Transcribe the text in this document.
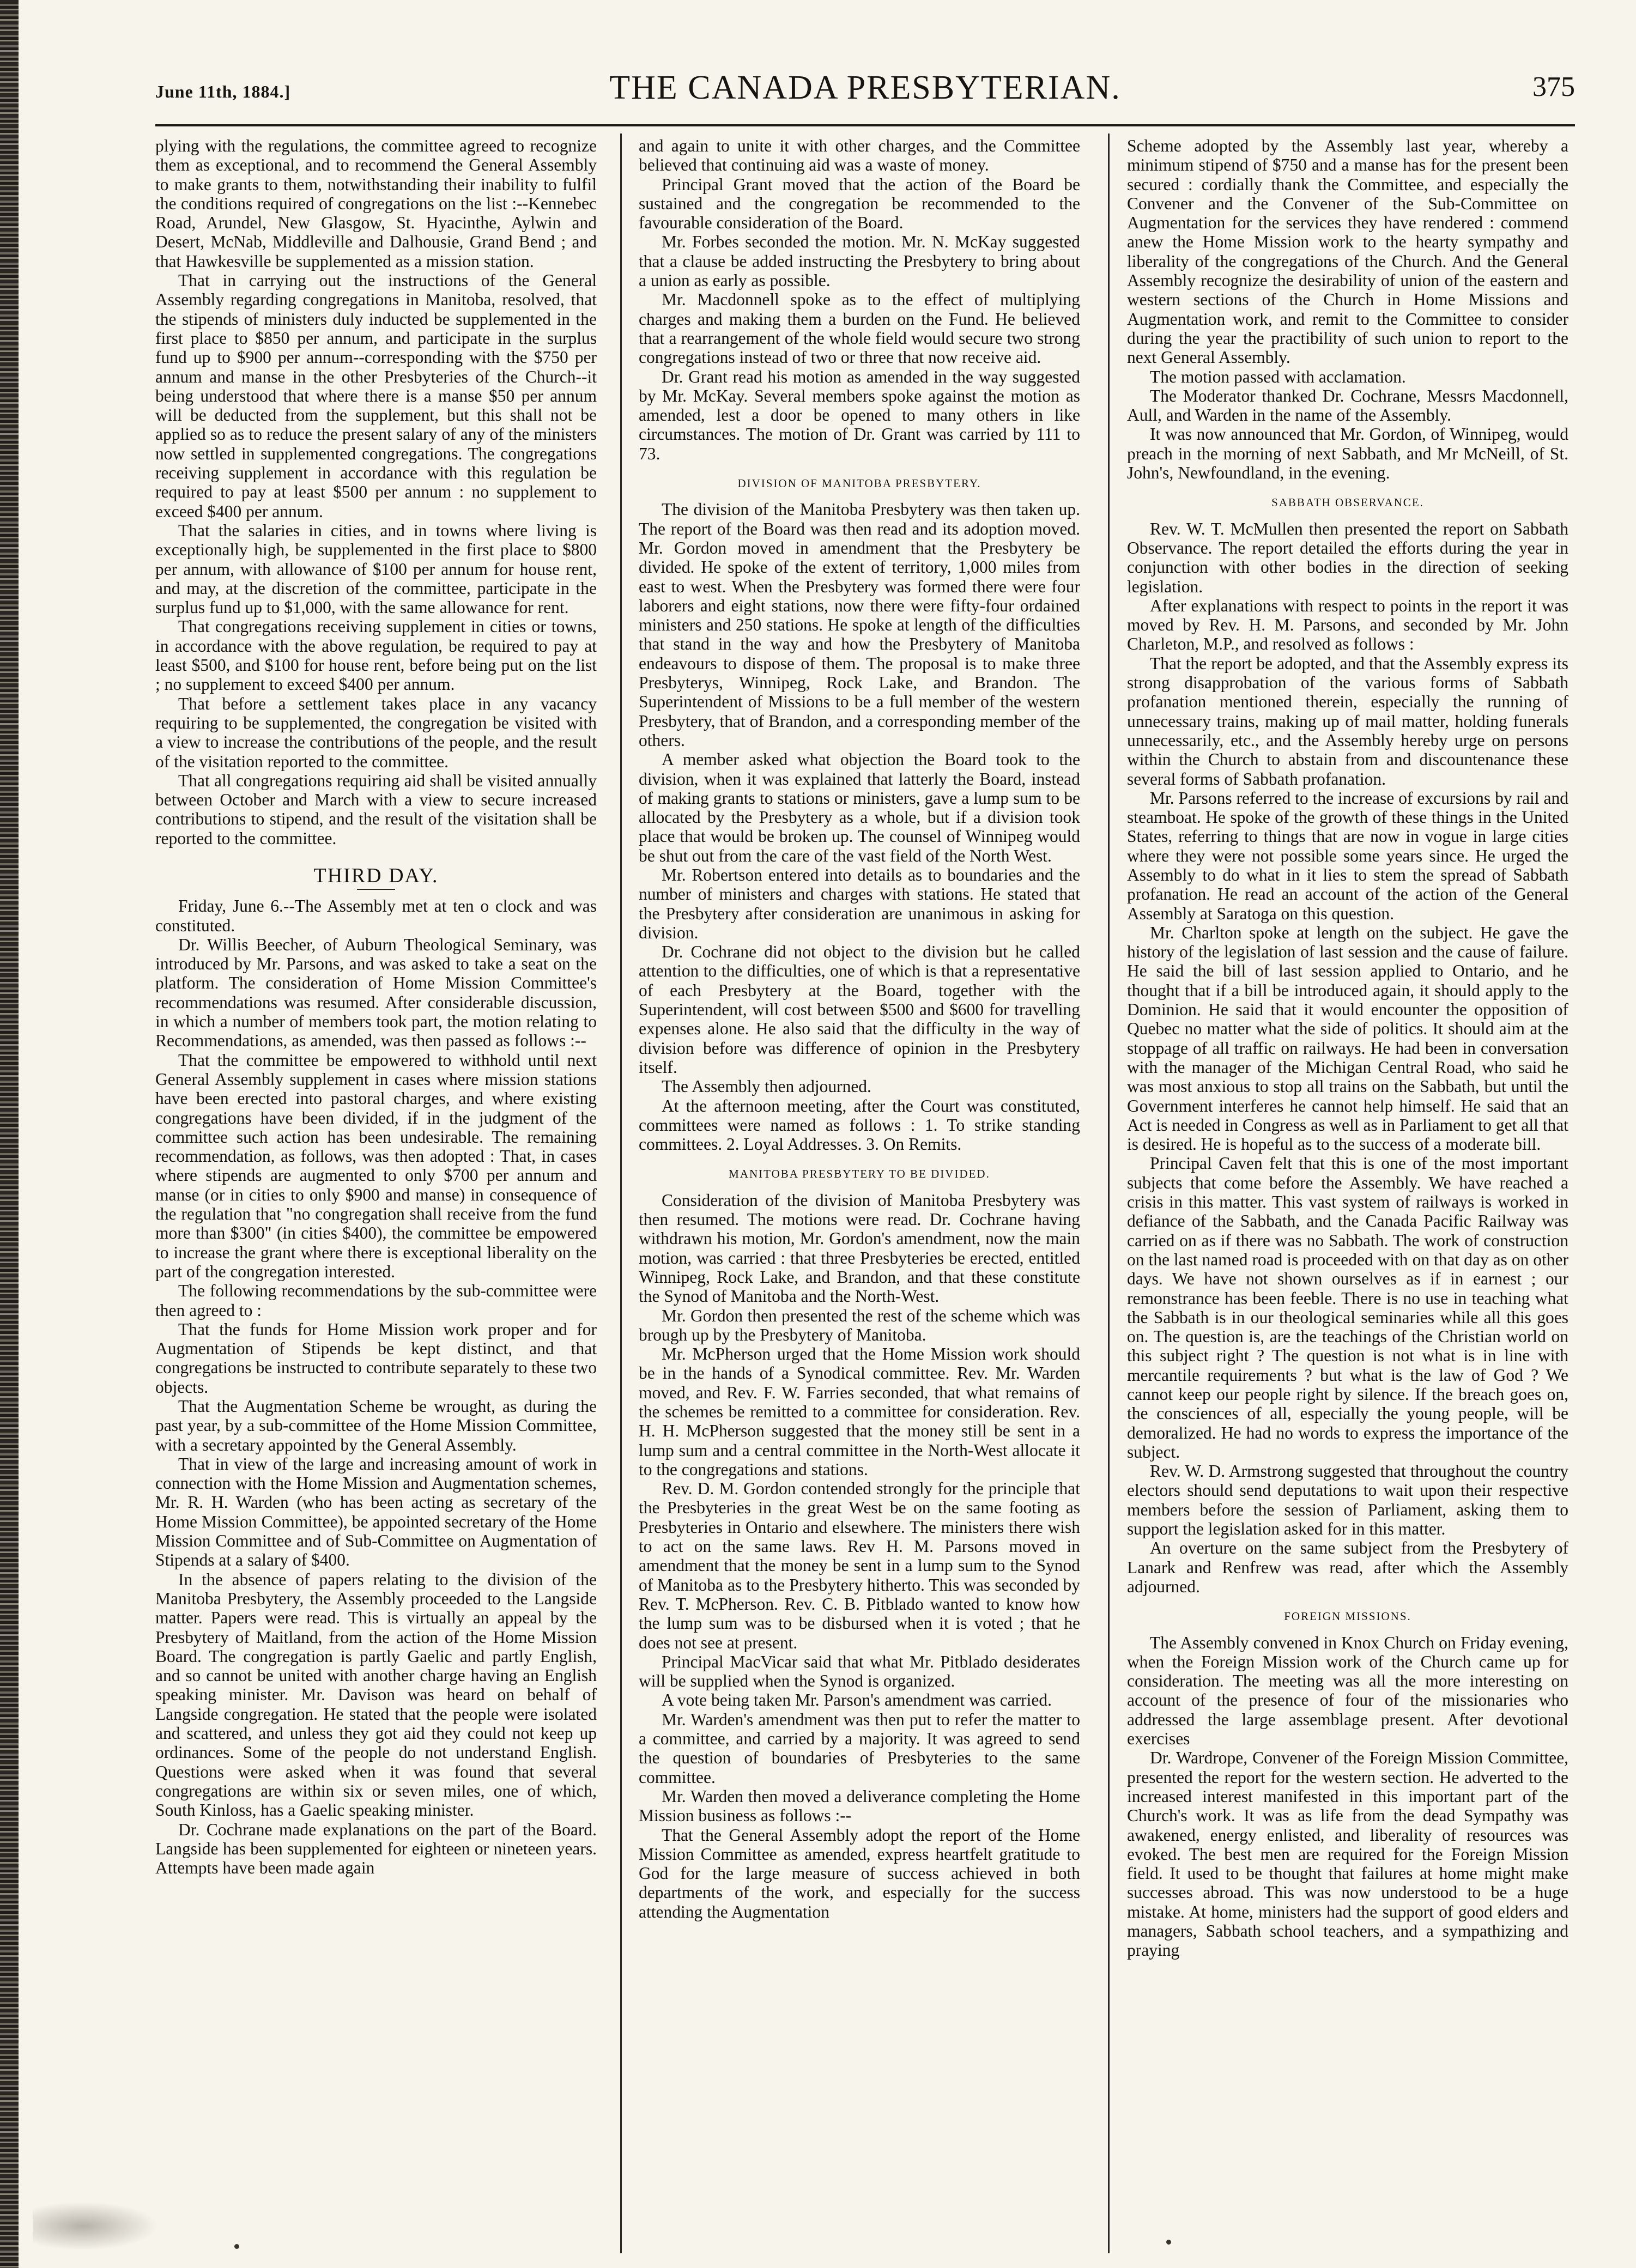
June 11th, 1884.]	THE CANADA PRESBYTERIAN.	375

plying with the regulations, the committee agreed to recognize them as exceptional, and to recommend the General Assembly to make grants to them, notwithstanding their inability to fulfil the conditions required of congregations on the list :--Kennebec Road, Arundel, New Glasgow, St. Hyacinthe, Aylwin and Desert, McNab, Middleville and Dalhousie, Grand Bend ; and that Hawkesville be supplemented as a mission station.

That in carrying out the instructions of the General Assembly regarding congregations in Manitoba, resolved, that the stipends of ministers duly inducted be supplemented in the first place to $850 per annum, and participate in the surplus fund up to $900 per annum--corresponding with the $750 per annum and manse in the other Presbyteries of the Church--it being understood that where there is a manse $50 per annum will be deducted from the supplement, but this shall not be applied so as to reduce the present salary of any of the ministers now settled in supplemented congregations. The congregations receiving supplement in accordance with this regulation be required to pay at least $500 per annum : no supplement to exceed $400 per annum.

That the salaries in cities, and in towns where living is exceptionally high, be supplemented in the first place to $800 per annum, with allowance of $100 per annum for house rent, and may, at the discretion of the committee, participate in the surplus fund up to $1,000, with the same allowance for rent.

That congregations receiving supplement in cities or towns, in accordance with the above regulation, be required to pay at least $500, and $100 for house rent, before being put on the list ; no supplement to exceed $400 per annum.

That before a settlement takes place in any vacancy requiring to be supplemented, the congregation be visited with a view to increase the contributions of the people, and the result of the visitation reported to the committee.

That all congregations requiring aid shall be visited annually between October and March with a view to secure increased contributions to stipend, and the result of the visitation shall be reported to the committee.

THIRD DAY.

Friday, June 6.--The Assembly met at ten o clock and was constituted.

Dr. Willis Beecher, of Auburn Theological Seminary, was introduced by Mr. Parsons, and was asked to take a seat on the platform. The consideration of Home Mission Committee's recommendations was resumed. After considerable discussion, in which a number of members took part, the motion relating to Recommendations, as amended, was then passed as follows :--

That the committee be empowered to withhold until next General Assembly supplement in cases where mission stations have been erected into pastoral charges, and where existing congregations have been divided, if in the judgment of the committee such action has been undesirable. The remaining recommendation, as follows, was then adopted : That, in cases where stipends are augmented to only $700 per annum and manse (or in cities to only $900 and manse) in consequence of the regulation that "no congregation shall receive from the fund more than $300" (in cities $400), the committee be empowered to increase the grant where there is exceptional liberality on the part of the congregation interested.

The following recommendations by the sub-committee were then agreed to :

That the funds for Home Mission work proper and for Augmentation of Stipends be kept distinct, and that congregations be instructed to contribute separately to these two objects.

That the Augmentation Scheme be wrought, as during the past year, by a sub-committee of the Home Mission Committee, with a secretary appointed by the General Assembly.

That in view of the large and increasing amount of work in connection with the Home Mission and Augmentation schemes, Mr. R. H. Warden (who has been acting as secretary of the Home Mission Committee), be appointed secretary of the Home Mission Committee and of Sub-Committee on Augmentation of Stipends at a salary of $400.

In the absence of papers relating to the division of the Manitoba Presbytery, the Assembly proceeded to the Langside matter. Papers were read. This is virtually an appeal by the Presbytery of Maitland, from the action of the Home Mission Board. The congregation is partly Gaelic and partly English, and so cannot be united with another charge having an English speaking minister. Mr. Davison was heard on behalf of Langside congregation. He stated that the people were isolated and scattered, and unless they got aid they could not keep up ordinances. Some of the people do not understand English. Questions were asked when it was found that several congregations are within six or seven miles, one of which, South Kinloss, has a Gaelic speaking minister.

Dr. Cochrane made explanations on the part of the Board. Langside has been supplemented for eighteen or nineteen years. Attempts have been made again

and again to unite it with other charges, and the Committee believed that continuing aid was a waste of money.

Principal Grant moved that the action of the Board be sustained and the congregation be recommended to the favourable consideration of the Board.

Mr. Forbes seconded the motion. Mr. N. McKay suggested that a clause be added instructing the Presbytery to bring about a union as early as possible.

Mr. Macdonnell spoke as to the effect of multiplying charges and making them a burden on the Fund. He believed that a rearrangement of the whole field would secure two strong congregations instead of two or three that now receive aid.

Dr. Grant read his motion as amended in the way suggested by Mr. McKay. Several members spoke against the motion as amended, lest a door be opened to many others in like circumstances. The motion of Dr. Grant was carried by 111 to 73.

DIVISION OF MANITOBA PRESBYTERY.

The division of the Manitoba Presbytery was then taken up. The report of the Board was then read and its adoption moved. Mr. Gordon moved in amendment that the Presbytery be divided. He spoke of the extent of territory, 1,000 miles from east to west. When the Presbytery was formed there were four laborers and eight stations, now there were fifty-four ordained ministers and 250 stations. He spoke at length of the difficulties that stand in the way and how the Presbytery of Manitoba endeavours to dispose of them. The proposal is to make three Presbyterys, Winnipeg, Rock Lake, and Brandon. The Superintendent of Missions to be a full member of the western Presbytery, that of Brandon, and a corresponding member of the others.

A member asked what objection the Board took to the division, when it was explained that latterly the Board, instead of making grants to stations or ministers, gave a lump sum to be allocated by the Presbytery as a whole, but if a division took place that would be broken up. The counsel of Winnipeg would be shut out from the care of the vast field of the North West.

Mr. Robertson entered into details as to boundaries and the number of ministers and charges with stations. He stated that the Presbytery after consideration are unanimous in asking for division.

Dr. Cochrane did not object to the division but he called attention to the difficulties, one of which is that a representative of each Presbytery at the Board, together with the Superintendent, will cost between $500 and $600 for travelling expenses alone. He also said that the difficulty in the way of division before was difference of opinion in the Presbytery itself.

The Assembly then adjourned.

At the afternoon meeting, after the Court was constituted, committees were named as follows : 1. To strike standing committees. 2. Loyal Addresses. 3. On Remits.

MANITOBA PRESBYTERY TO BE DIVIDED.

Consideration of the division of Manitoba Presbytery was then resumed. The motions were read. Dr. Cochrane having withdrawn his motion, Mr. Gordon's amendment, now the main motion, was carried : that three Presbyteries be erected, entitled Winnipeg, Rock Lake, and Brandon, and that these constitute the Synod of Manitoba and the North-West.

Mr. Gordon then presented the rest of the scheme which was brough up by the Presbytery of Manitoba.

Mr. McPherson urged that the Home Mission work should be in the hands of a Synodical committee. Rev. Mr. Warden moved, and Rev. F. W. Farries seconded, that what remains of the schemes be remitted to a committee for consideration. Rev. H. H. McPherson suggested that the money still be sent in a lump sum and a central committee in the North-West allocate it to the congregations and stations.

Rev. D. M. Gordon contended strongly for the principle that the Presbyteries in the great West be on the same footing as Presbyteries in Ontario and elsewhere. The ministers there wish to act on the same laws. Rev H. M. Parsons moved in amendment that the money be sent in a lump sum to the Synod of Manitoba as to the Presbytery hitherto. This was seconded by Rev. T. McPherson. Rev. C. B. Pitblado wanted to know how the lump sum was to be disbursed when it is voted ; that he does not see at present.

Principal MacVicar said that what Mr. Pitblado desiderates will be supplied when the Synod is organized.

A vote being taken Mr. Parson's amendment was carried.

Mr. Warden's amendment was then put to refer the matter to a committee, and carried by a majority. It was agreed to send the question of boundaries of Presbyteries to the same committee.

Mr. Warden then moved a deliverance completing the Home Mission business as follows :--

That the General Assembly adopt the report of the Home Mission Committee as amended, express heartfelt gratitude to God for the large measure of success achieved in both departments of the work, and especially for the success attending the Augmentation

Scheme adopted by the Assembly last year, whereby a minimum stipend of $750 and a manse has for the present been secured : cordially thank the Committee, and especially the Convener and the Convener of the Sub-Committee on Augmentation for the services they have rendered : commend anew the Home Mission work to the hearty sympathy and liberality of the congregations of the Church. And the General Assembly recognize the desirability of union of the eastern and western sections of the Church in Home Missions and Augmentation work, and remit to the Committee to consider during the year the practibility of such union to report to the next General Assembly.

The motion passed with acclamation.

The Moderator thanked Dr. Cochrane, Messrs Macdonnell, Aull, and Warden in the name of the Assembly.

It was now announced that Mr. Gordon, of Winnipeg, would preach in the morning of next Sabbath, and Mr McNeill, of St. John's, Newfoundland, in the evening.

SABBATH OBSERVANCE.

Rev. W. T. McMullen then presented the report on Sabbath Observance. The report detailed the efforts during the year in conjunction with other bodies in the direction of seeking legislation.

After explanations with respect to points in the report it was moved by Rev. H. M. Parsons, and seconded by Mr. John Charleton, M.P., and resolved as follows :

That the report be adopted, and that the Assembly express its strong disapprobation of the various forms of Sabbath profanation mentioned therein, especially the running of unnecessary trains, making up of mail matter, holding funerals unnecessarily, etc., and the Assembly hereby urge on persons within the Church to abstain from and discountenance these several forms of Sabbath profanation.

Mr. Parsons referred to the increase of excursions by rail and steamboat. He spoke of the growth of these things in the United States, referring to things that are now in vogue in large cities where they were not possible some years since. He urged the Assembly to do what in it lies to stem the spread of Sabbath profanation. He read an account of the action of the General Assembly at Saratoga on this question.

Mr. Charlton spoke at length on the subject. He gave the history of the legislation of last session and the cause of failure. He said the bill of last session applied to Ontario, and he thought that if a bill be introduced again, it should apply to the Dominion. He said that it would encounter the opposition of Quebec no matter what the side of politics. It should aim at the stoppage of all traffic on railways. He had been in conversation with the manager of the Michigan Central Road, who said he was most anxious to stop all trains on the Sabbath, but until the Government interferes he cannot help himself. He said that an Act is needed in Congress as well as in Parliament to get all that is desired. He is hopeful as to the success of a moderate bill.

Principal Caven felt that this is one of the most important subjects that come before the Assembly. We have reached a crisis in this matter. This vast system of railways is worked in defiance of the Sabbath, and the Canada Pacific Railway was carried on as if there was no Sabbath. The work of construction on the last named road is proceeded with on that day as on other days. We have not shown ourselves as if in earnest ; our remonstrance has been feeble. There is no use in teaching what the Sabbath is in our theological seminaries while all this goes on. The question is, are the teachings of the Christian world on this subject right ? The question is not what is in line with mercantile requirements ? but what is the law of God ? We cannot keep our people right by silence. If the breach goes on, the consciences of all, especially the young people, will be demoralized. He had no words to express the importance of the subject.

Rev. W. D. Armstrong suggested that throughout the country electors should send deputations to wait upon their respective members before the session of Parliament, asking them to support the legislation asked for in this matter.

An overture on the same subject from the Presbytery of Lanark and Renfrew was read, after which the Assembly adjourned.

FOREIGN MISSIONS.

The Assembly convened in Knox Church on Friday evening, when the Foreign Mission work of the Church came up for consideration. The meeting was all the more interesting on account of the presence of four of the missionaries who addressed the large assemblage present. After devotional exercises

Dr. Wardrope, Convener of the Foreign Mission Committee, presented the report for the western section. He adverted to the increased interest manifested in this important part of the Church's work. It was as life from the dead Sympathy was awakened, energy enlisted, and liberality of resources was evoked. The best men are required for the Foreign Mission field. It used to be thought that failures at home might make successes abroad. This was now understood to be a huge mistake. At home, ministers had the support of good elders and managers, Sabbath school teachers, and a sympathizing and praying
